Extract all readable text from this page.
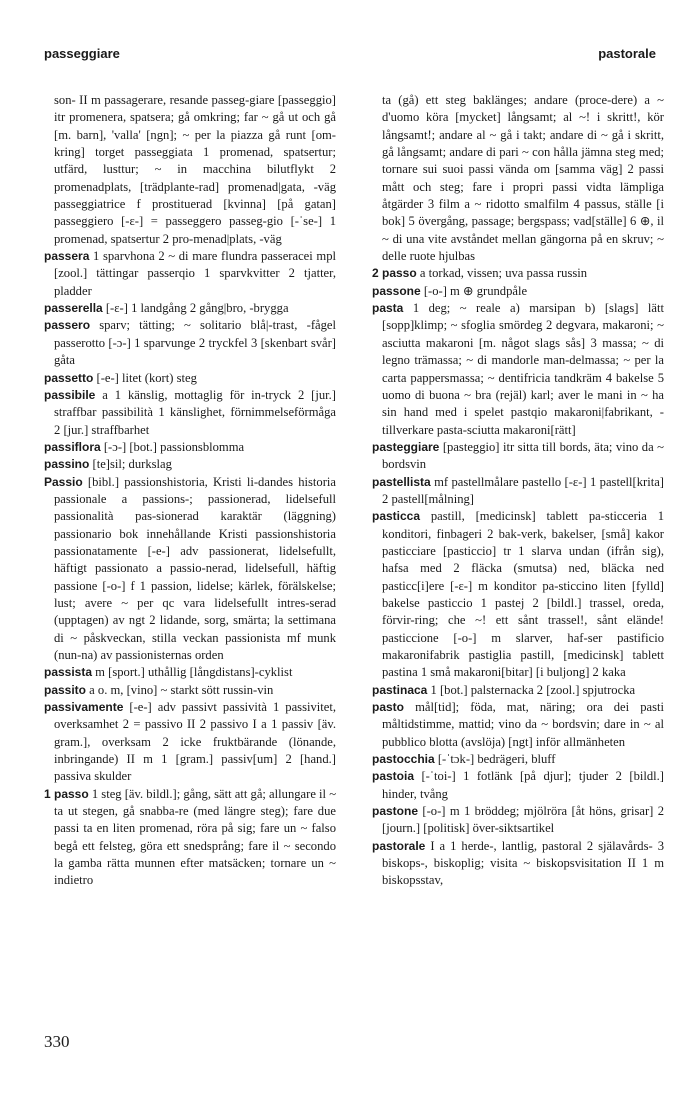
passeggiare	pastorale

son- II m passagerare, resande passeg-giare [passeggio] itr promenera, spatsera; gå omkring; far ~ gå ut och gå [m. barn], 'valla' [ngn]; ~ per la piazza gå runt [om-kring] torget passeggiata 1 promenad, spatsertur; utfärd, lusttur; ~ in macchina bilutflykt 2 promenadplats, [trädplante-rad] promenad|gata, -väg passeggiatrice f prostituerad [kvinna] [på gatan] passeggiero [-ɛ-] = passeggero passeg-gio [-ˈse-] 1 promenad, spatsertur 2 pro-menad|plats, -väg

passera 1 sparvhona 2 ~ di mare flundra passeracei mpl [zool.] tättingar passerqio 1 sparvkvitter 2 tjatter, pladder

passerella [-ɛ-] 1 landgång 2 gång|bro, -brygga

passero sparv; tätting; ~ solitario blå|-trast, -fågel passerotto [-ɔ-] 1 sparvunge 2 tryckfel 3 [skenbart svår] gåta

passetto [-e-] litet (kort) steg

passibile a 1 känslig, mottaglig för in-tryck 2 [jur.] straffbar passibilità 1 känslighet, förnimmelseförmåga 2 [jur.] straffbarhet

passiflora [-ɔ-] [bot.] passionsblomma

passino [te]sil; durkslag

Passio [bibl.] passionshistoria, Kristi li-dandes historia passionale a passions-; passionerad, lidelsefull passionalità pas-sionerad karaktär (läggning) passionario bok innehållande Kristi passionshistoria passionatamente [-e-] adv passionerat, lidelsefullt, häftigt passionato a passio-nerad, lidelsefull, häftig passione [-o-] f 1 passion, lidelse; kärlek, förälskelse; lust; avere ~ per qc vara lidelsefullt intres-serad (upptagen) av ngt 2 lidande, sorg, smärta; la settimana di ~ påskveckan, stilla veckan passionista mf munk (nun-na) av passionisternas orden

passista m [sport.] uthållig [långdistans]-cyklist

passito a o. m, [vino] ~ starkt sött russin-vin

passivamente [-e-] adv passivt passività 1 passivitet, overksamhet 2 = passivo II 2 passivo I a 1 passiv [äv. gram.], overksam 2 icke fruktbärande (lönande, inbringande) II m 1 [gram.] passiv[um] 2 [hand.] passiva skulder

1 passo 1 steg [äv. bildl.]; gång, sätt att gå; allungare il ~ ta ut stegen, gå snabba-re (med längre steg); fare due passi ta en liten promenad, röra på sig; fare un ~ falso begå ett felsteg, göra ett snedsprång; fare il ~ secondo la gamba rätta munnen efter matsäcken; tornare un ~ indietro

ta (gå) ett steg baklänges; andare (proce-dere) a ~ d'uomo köra [mycket] långsamt; al ~! i skritt!, kör långsamt!; andare al ~ gå i takt; andare di ~ gå i skritt, gå långsamt; andare di pari ~ con hålla jämna steg med; tornare sui suoi passi vända om [samma väg] 2 passi mått och steg; fare i propri passi vidta lämpliga åtgärder 3 film a ~ ridotto smalfilm 4 passus, ställe [i bok] 5 övergång, passage; bergspass; vad[ställe] 6 ⊕, il ~ di una vite avståndet mellan gängorna på en skruv; ~ delle ruote hjulbas

2 passo a torkad, vissen; uva passa russin

passone [-o-] m ⊕ grundpåle

pasta 1 deg; ~ reale a) marsipan b) [slags] lätt [sopp]klimp; ~ sfoglia smördeg 2 degvara, makaroni; ~ asciutta makaroni [m. något slags sås] 3 massa; ~ di legno trämassa; ~ di mandorle man-delmassa; ~ per la carta pappersmassa; ~ dentifricia tandkräm 4 bakelse 5 uomo di buona ~ bra (rejäl) karl; aver le mani in ~ ha sin hand med i spelet pastqio makaroni|fabrikant, -tillverkare pasta-sciutta makaroni[rätt]

pasteggiare [pasteggio] itr sitta till bords, äta; vino da ~ bordsvin

pastellista mf pastellmålare pastello [-ɛ-] 1 pastell[krita] 2 pastell[målning]

pasticca pastill, [medicinsk] tablett pa-sticceria 1 konditori, finbageri 2 bak-verk, bakelser, [små] kakor pasticciare [pasticcio] tr 1 slarva undan (ifrån sig), hafsa med 2 fläcka (smutsa) ned, bläcka ned pasticc[i]ere [-ɛ-] m konditor pa-sticcino liten [fylld] bakelse pasticcio 1 pastej 2 [bildl.] trassel, oreda, förvir-ring; che ~! ett sånt trassel!, sånt elände! pasticcione [-o-] m slarver, haf-ser pastificio makaronifabrik pastiglia pastill, [medicinsk] tablett pastina 1 små makaroni[bitar] [i buljong] 2 kaka

pastinaca 1 [bot.] palsternacka 2 [zool.] spjutrocka

pasto mål[tid]; föda, mat, näring; ora dei pasti måltidstimme, mattid; vino da ~ bordsvin; dare in ~ al pubblico blotta (avslöja) [ngt] inför allmänheten

pastocchia [-ˈtɔk-] bedrägeri, bluff

pastoia [-ˈtoi-] 1 fotlänk [på djur]; tjuder 2 [bildl.] hinder, tvång

pastone [-o-] m 1 bröddeg; mjölröra [åt höns, grisar] 2 [journ.] [politisk] över-siktsartikel

pastorale I a 1 herde-, lantlig, pastoral 2 själavårds- 3 biskops-, biskoplig; visita ~ biskopsvisitation II 1 m biskopsstav,

330
